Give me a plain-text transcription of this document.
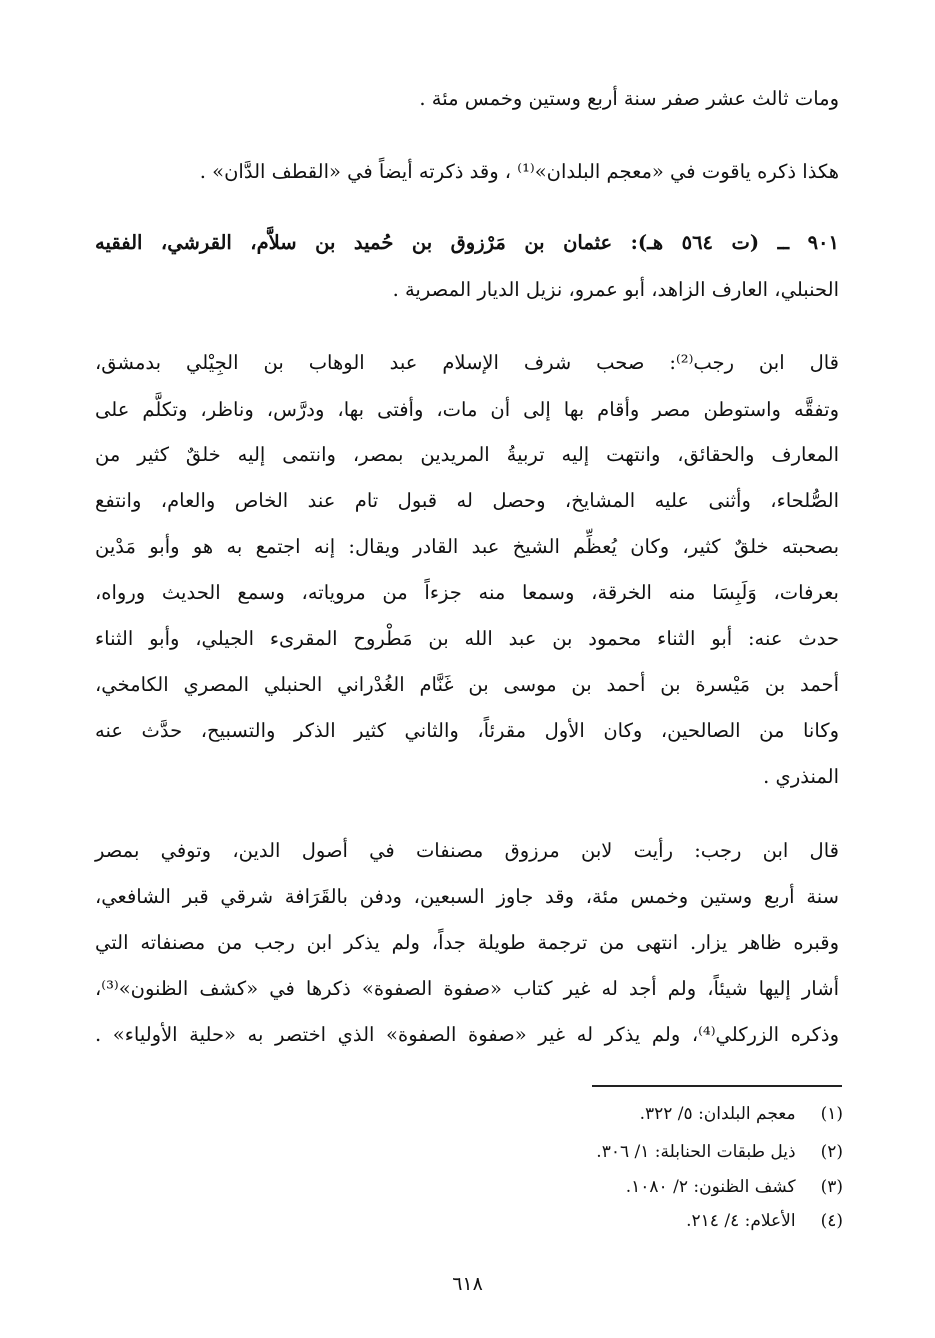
ومات ثالث عشر صفر سنة أربع وستين وخمس مئة .
هكذا ذكره ياقوت في «معجم البلدان»⁽¹⁾ ، وقد ذكرته أيضاً في «القطف الدَّان» .
٩٠١ ــ (ت ٥٦٤ هـ): عثمان بن مَرْزوق بن حُميد بن سلاَّم، القرشي، الفقيه
الحنبلي، العارف الزاهد، أبو عمرو، نزيل الديار المصرية .
قال ابن رجب⁽²⁾: صحب شرف الإسلام عبد الوهاب بن الجِيْلي بدمشق،
وتفقَّه واستوطن مصر وأقام بها إلى أن مات، وأفتى بها، ودرَّس، وناظر، وتكلَّم على
المعارف والحقائق، وانتهت إليه تربيةُ المريدين بمصر، وانتمى إليه خلقٌ كثير من
الصُّلحاء، وأثنى عليه المشايخ، وحصل له قبول تام عند الخاص والعام، وانتفع
بصحبته خلقٌ كثير، وكان يُعظِّم الشيخ عبد القادر ويقال: إنه اجتمع به هو وأبو مَدْين
بعرفات، وَلَبِسَا منه الخرقة، وسمعا منه جزءاً من مروياته، وسمع الحديث ورواه،
حدث عنه: أبو الثناء محمود بن عبد الله بن مَطْروح المقرىء الجيلي، وأبو الثناء
أحمد بن مَيْسرة بن أحمد بن موسى بن غَنَّام الغُدْراني الحنبلي المصري الكامخي،
وكانا من الصالحين، وكان الأول مقرئاً، والثاني كثير الذكر والتسبيح، حدَّث عنه
المنذري .
قال ابن رجب: رأيت لابن مرزوق مصنفات في أصول الدين، وتوفي بمصر
سنة أربع وستين وخمس مئة، وقد جاوز السبعين، ودفن بالقَرَافة شرقي قبر الشافعي،
وقبره ظاهر يزار. انتهى من ترجمة طويلة جداً، ولم يذكر ابن رجب من مصنفاته التي
أشار إليها شيئاً، ولم أجد له غير كتاب «صفوة الصفوة» ذكرها في «كشف الظنون»⁽³⁾،
وذكره الزركلي⁽⁴⁾، ولم يذكر له غير «صفوة الصفوة» الذي اختصر به «حلية الأولياء» .
(١) معجم البلدان: ٥/ ٣٢٢.
(٢) ذيل طبقات الحنابلة: ١/ ٣٠٦.
(٣) كشف الظنون: ٢/ ١٠٨٠.
(٤) الأعلام: ٤/ ٢١٤.
٦١٨
